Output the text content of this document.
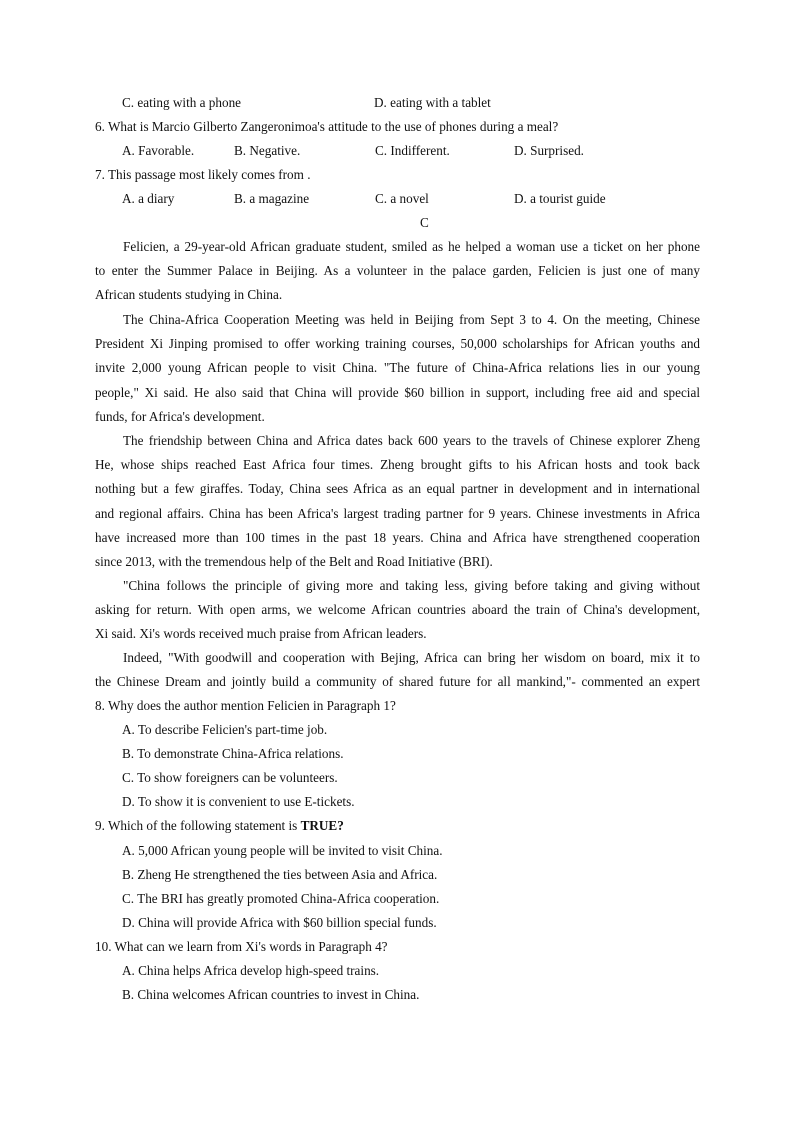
C. eating with a phone	D. eating with a tablet
6. What is Marcio Gilberto Zangeronimoa's attitude to the use of phones during a meal?
A. Favorable.	B. Negative.	C. Indifferent.	D. Surprised.
7. This passage most likely comes from .
A. a diary	B. a magazine	C. a novel	D. a tourist guide
C
Felicien, a 29-year-old African graduate student, smiled as he helped a woman use a ticket on her phone
to enter the Summer Palace in Beijing. As a volunteer in the palace garden, Felicien is just one of many
African students studying in China.
The China-Africa Cooperation Meeting was held in Beijing from Sept 3 to 4. On the meeting, Chinese
President Xi Jinping promised to offer working training courses, 50,000 scholarships for African youths and
invite 2,000 young African people to visit China. "The future of China-Africa relations lies in our young
people," Xi said. He also said that China will provide $60 billion in support, including free aid and special
funds, for Africa's development.
The friendship between China and Africa dates back 600 years to the travels of Chinese explorer Zheng
He, whose ships reached East Africa four times. Zheng brought gifts to his African hosts and took back
nothing but a few giraffes. Today, China sees Africa as an equal partner in development and in international
and regional affairs. China has been Africa's largest trading partner for 9 years. Chinese investments in Africa
have increased more than 100 times in the past 18 years. China and Africa have strengthened cooperation
since 2013, with the tremendous help of the Belt and Road Initiative (BRI).
"China follows the principle of giving more and taking less, giving before taking and giving without
asking for return. With open arms, we welcome African countries aboard the train of China's development,
Xi said. Xi's words received much praise from African leaders.
Indeed, "With goodwill and cooperation with Bejing, Africa can bring her wisdom on board, mix it to
the Chinese Dream and jointly build a community of shared future for all mankind,"- commented an expert
8. Why does the author mention Felicien in Paragraph 1?
A. To describe Felicien's part-time job.
B. To demonstrate China-Africa relations.
C. To show foreigners can be volunteers.
D. To show it is convenient to use E-tickets.
9. Which of the following statement is TRUE?
A. 5,000 African young people will be invited to visit China.
B. Zheng He strengthened the ties between Asia and Africa.
C. The BRI has greatly promoted China-Africa cooperation.
D. China will provide Africa with $60 billion special funds.
10. What can we learn from Xi's words in Paragraph 4?
A. China helps Africa develop high-speed trains.
B. China welcomes African countries to invest in China.
